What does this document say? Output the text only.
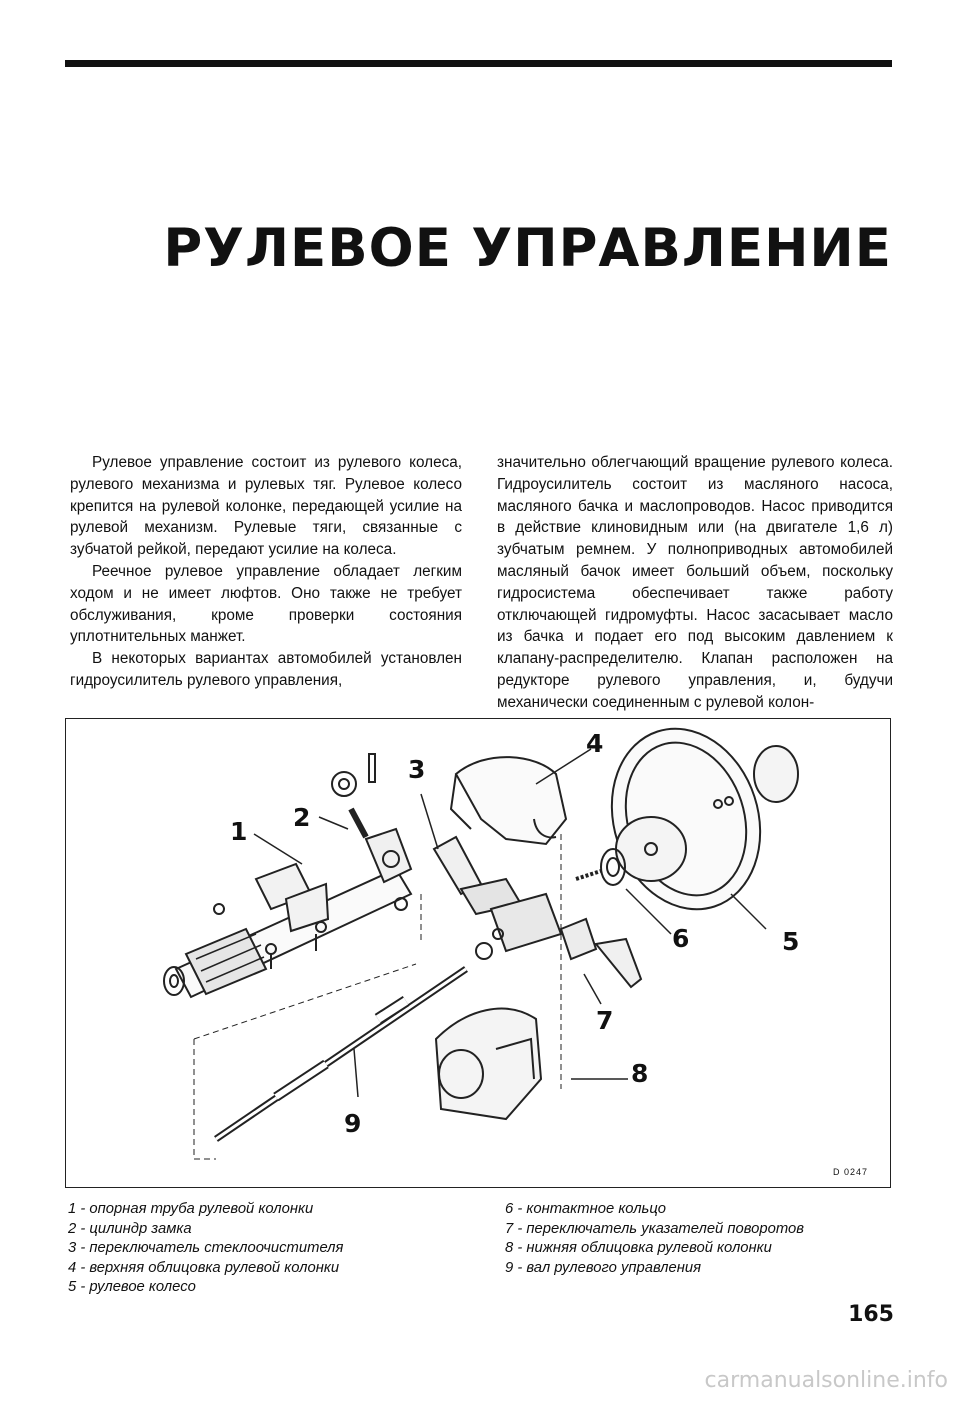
РУЛЕВОЕ УПРАВЛЕНИЕ

Рулевое управление состоит из рулевого колеса, рулевого механизма и рулевых тяг. Рулевое колесо крепится на рулевой колонке, передающей усилие на рулевой механизм. Рулевые тяги, связанные с зубчатой рейкой, передают усилие на колеса.

Реечное рулевое управление обладает легким ходом и не имеет люфтов. Оно также не требует обслуживания, кроме проверки состояния уплотнительных манжет.

В некоторых вариантах автомобилей установлен гидроусилитель рулевого управления,

значительно облегчающий вращение рулевого колеса. Гидроусилитель состоит из масляного насоса, масляного бачка и маслопроводов. Насос приводится в действие клиновидным или (на двигателе 1,6 л) зубчатым ремнем. У полноприводных автомобилей масляный бачок имеет больший объем, поскольку гидросистема обеспечивает также работу отключающей гидромуфты. Насос засасывает масло из бачка и подает его под высоким давлением к клапану-распределителю. Клапан расположен на редукторе рулевого управления, и, будучи механически соединенным с рулевой колон-

1 2
3
4
5
6
7
8
9
D 0247
1 - опорная труба рулевой колонки
2 - цилиндр замка
3 - переключатель стеклоочистителя
4 - верхняя облицовка рулевой колонки
5 - рулевое колесо
6 - контактное кольцо
7 - переключатель указателей поворотов
8 - нижняя облицовка рулевой колонки
9 - вал рулевого управления
165
carmanualsonline.info
